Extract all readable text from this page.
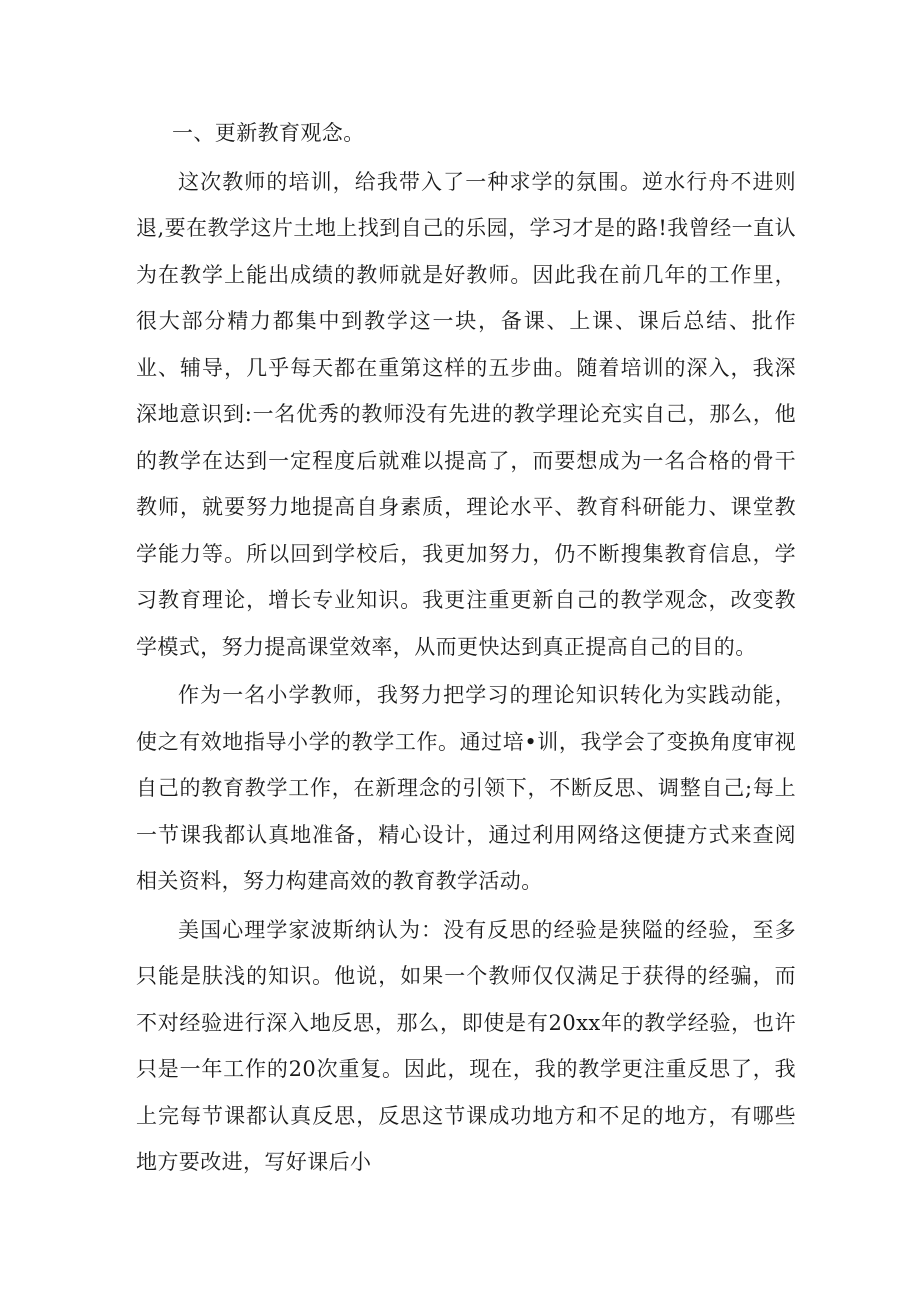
一、更新教育观念。

这次教师的培训，给我带入了一种求学的氛围。逆水行舟不进则退,要在教学这片土地上找到自己的乐园，学习才是的路!我曾经一直认为在教学上能出成绩的教师就是好教师。因此我在前几年的工作里，很大部分精力都集中到教学这一块，备课、上课、课后总结、批作业、辅导，几乎每天都在重第这样的五步曲。随着培训的深入，我深深地意识到:一名优秀的教师没有先进的教学理论充实自己，那么，他的教学在达到一定程度后就难以提高了，而要想成为一名合格的骨干教师，就要努力地提高自身素质，理论水平、教育科研能力、课堂教学能力等。所以回到学校后，我更加努力，仍不断搜集教育信息，学习教育理论，增长专业知识。我更注重更新自己的教学观念，改变教学模式，努力提高课堂效率，从而更快达到真正提高自己的目的。

作为一名小学教师，我努力把学习的理论知识转化为实践动能，使之有效地指导小学的教学工作。通过培•训，我学会了变换角度审视自己的教育教学工作，在新理念的引领下，不断反思、调整自己;每上一节课我都认真地准备，精心设计，通过利用网络这便捷方式来查阅相关资料，努力构建高效的教育教学活动。

美国心理学家波斯纳认为：没有反思的经验是狭隘的经验，至多只能是肤浅的知识。他说，如果一个教师仅仅满足于获得的经骗，而不对经验进行深入地反思，那么，即使是有20xx年的教学经验，也许只是一年工作的20次重复。因此，现在，我的教学更注重反思了，我上完每节课都认真反思，反思这节课成功地方和不足的地方，有哪些地方要改进，写好课后小
